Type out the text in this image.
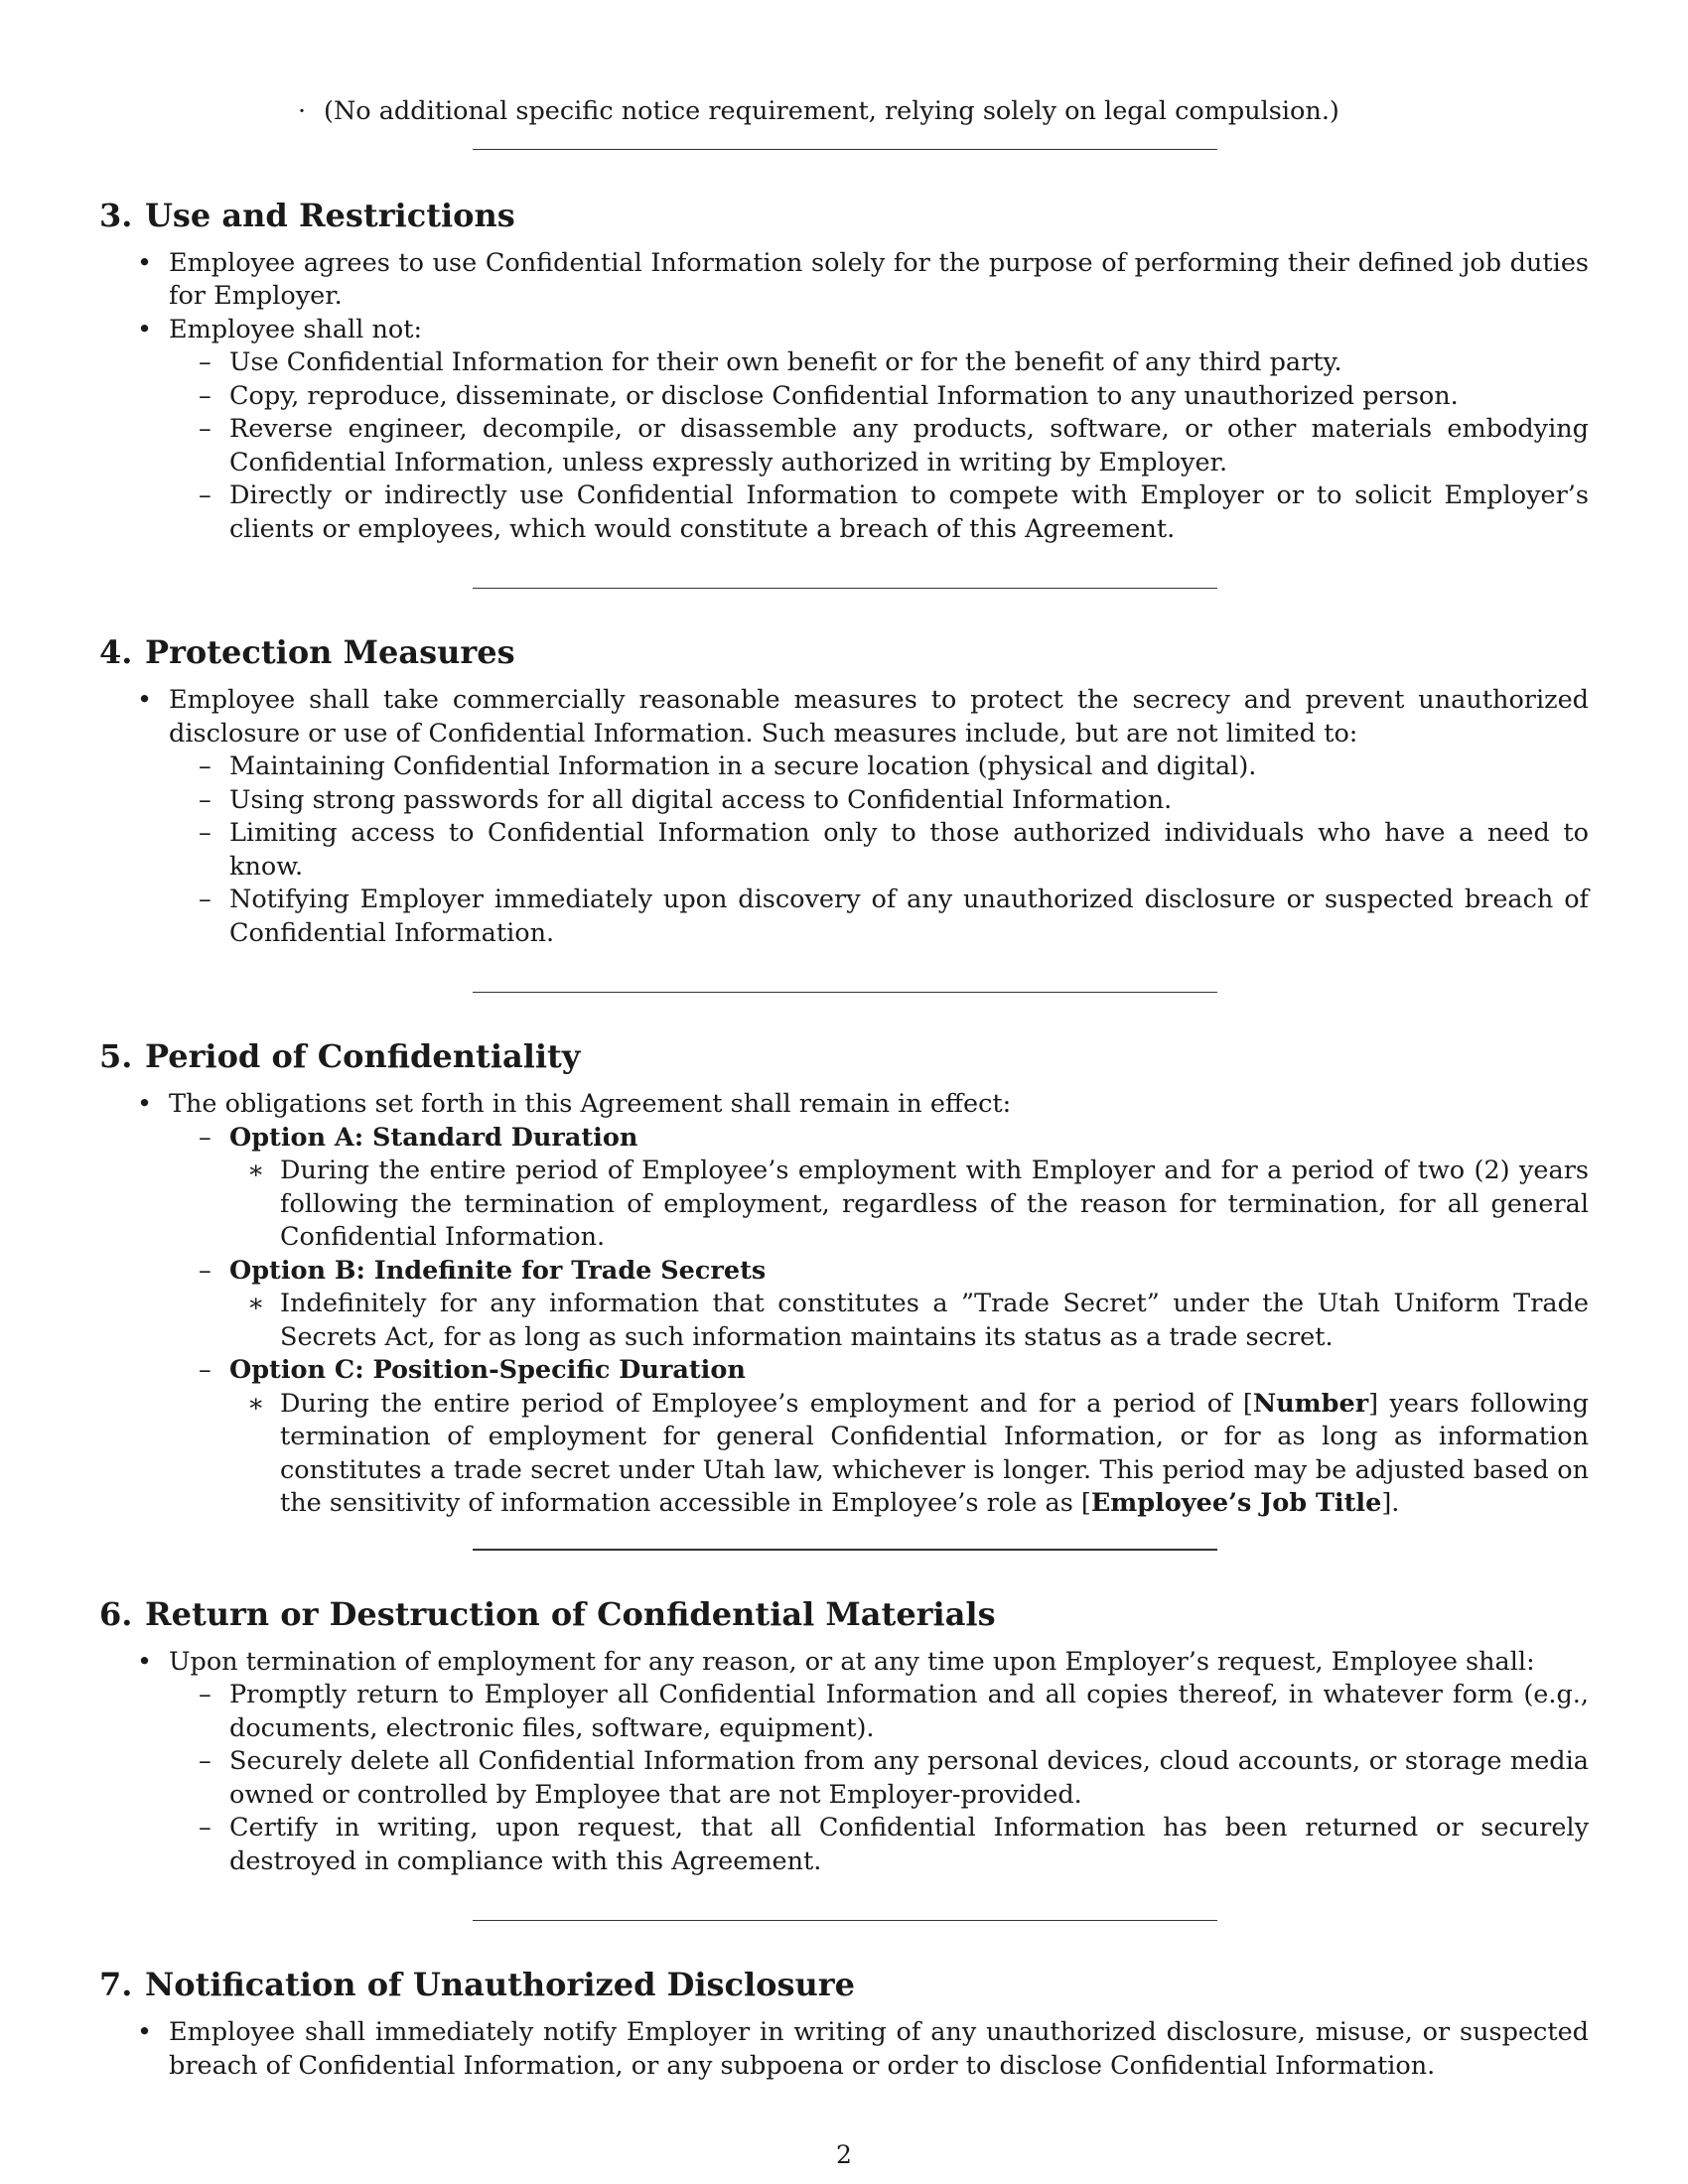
· (No additional specific notice requirement, relying solely on legal compulsion.)
3. Use and Restrictions
• Employee agrees to use Confidential Information solely for the purpose of performing their defined job duties for Employer.
• Employee shall not:
– Use Confidential Information for their own benefit or for the benefit of any third party.
– Copy, reproduce, disseminate, or disclose Confidential Information to any unauthorized person.
– Reverse engineer, decompile, or disassemble any products, software, or other materials embodying Confidential Information, unless expressly authorized in writing by Employer.
– Directly or indirectly use Confidential Information to compete with Employer or to solicit Employer’s clients or employees, which would constitute a breach of this Agreement.
4. Protection Measures
• Employee shall take commercially reasonable measures to protect the secrecy and prevent unauthorized disclosure or use of Confidential Information. Such measures include, but are not limited to:
– Maintaining Confidential Information in a secure location (physical and digital).
– Using strong passwords for all digital access to Confidential Information.
– Limiting access to Confidential Information only to those authorized individuals who have a need to know.
– Notifying Employer immediately upon discovery of any unauthorized disclosure or suspected breach of Confidential Information.
5. Period of Confidentiality
• The obligations set forth in this Agreement shall remain in effect:
– Option A: Standard Duration
∗ During the entire period of Employee’s employment with Employer and for a period of two (2) years following the termination of employment, regardless of the reason for termination, for all general Confidential Information.
– Option B: Indefinite for Trade Secrets
∗ Indefinitely for any information that constitutes a ”Trade Secret” under the Utah Uniform Trade Secrets Act, for as long as such information maintains its status as a trade secret.
– Option C: Position-Specific Duration
∗ During the entire period of Employee’s employment and for a period of [Number] years following termination of employment for general Confidential Information, or for as long as information constitutes a trade secret under Utah law, whichever is longer. This period may be adjusted based on the sensitivity of information accessible in Employee’s role as [Employee’s Job Title].
6. Return or Destruction of Confidential Materials
• Upon termination of employment for any reason, or at any time upon Employer’s request, Employee shall:
– Promptly return to Employer all Confidential Information and all copies thereof, in whatever form (e.g., documents, electronic files, software, equipment).
– Securely delete all Confidential Information from any personal devices, cloud accounts, or storage media owned or controlled by Employee that are not Employer-provided.
– Certify in writing, upon request, that all Confidential Information has been returned or securely destroyed in compliance with this Agreement.
7. Notification of Unauthorized Disclosure
• Employee shall immediately notify Employer in writing of any unauthorized disclosure, misuse, or suspected breach of Confidential Information, or any subpoena or order to disclose Confidential Information.
2
